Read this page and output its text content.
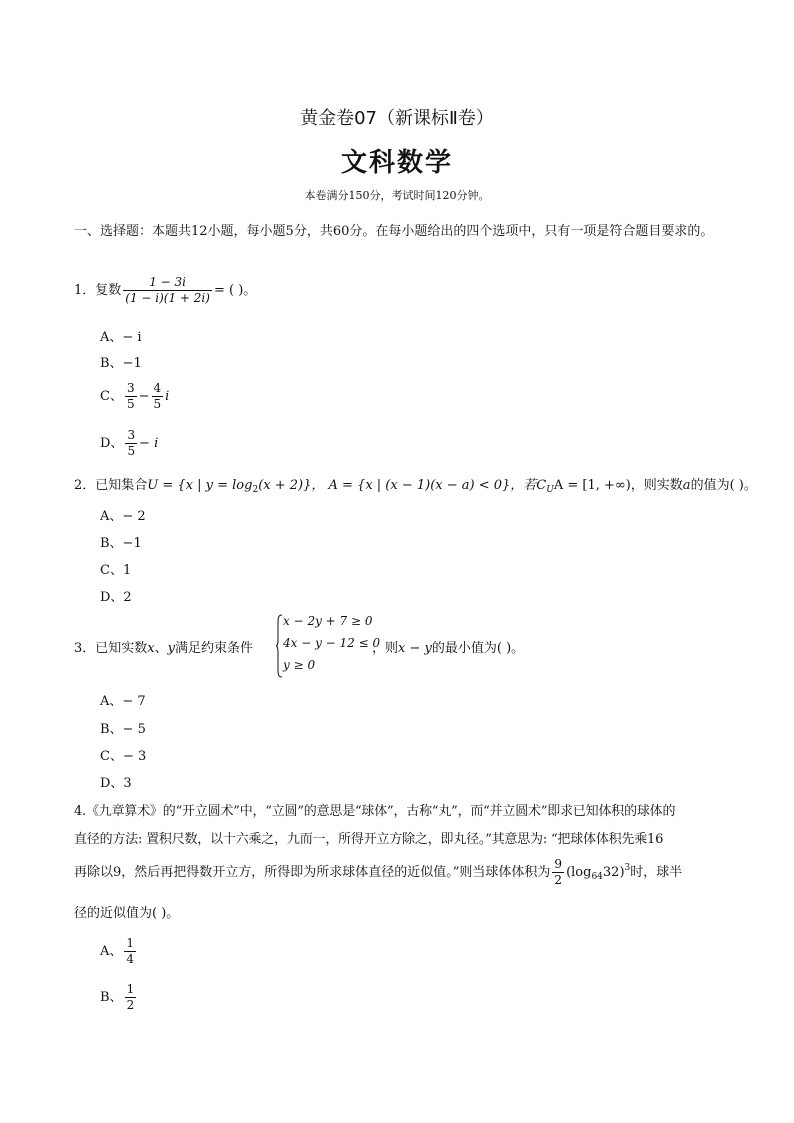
黄金卷07（新课标Ⅱ卷）
文科数学
本卷满分150分，考试时间120分钟。
一、选择题：本题共12小题，每小题5分，共60分。在每小题给出的四个选项中，只有一项是符合题目要求的。
1．复数 $\frac{1 - 3i}{(1 - i)(1 + 2i)}$ = ( )。
A、− i
B、−1
C、 $\frac{3}{5} - \frac{4}{5}$ i
D、 $\frac{3}{5} - i$
2．已知集合U = {x | $y = \log_2(x + 2)$}， A = {x | (x − 1)(x − a) < 0}，若$C_UA = [1$, +∞)，则实数a的值为( )。
A、− 2
B、−1
C、1
D、2
3．已知实数x、y满足约束条件
x − 2y + 7 ≥ 0
4x − y − 12 ≤ 0
y ≥ 0
，则x − y的最小值为( )。
A、− 7
B、− 5
C、− 3
D、3
4.《九章算术》的“开立圆术”中，“立圆”的意思是“球体”，古称“丸”，而“并立圆术”即求已知体积的球体的
直径的方法: 置积尺数，以十六乘之，九而一，所得开立方除之，即丸径。”其意思为: “把球体体积先乘16
再除以9，然后再把得数开立方，所得即为所求球体直径的近似值。”则当球体体积为 $\frac{9}{2} (\log_{64}32)^3$时，球半
径的近似值为( )。
A、 $\frac{1}{4}$
B、 $\frac{1}{2}$
